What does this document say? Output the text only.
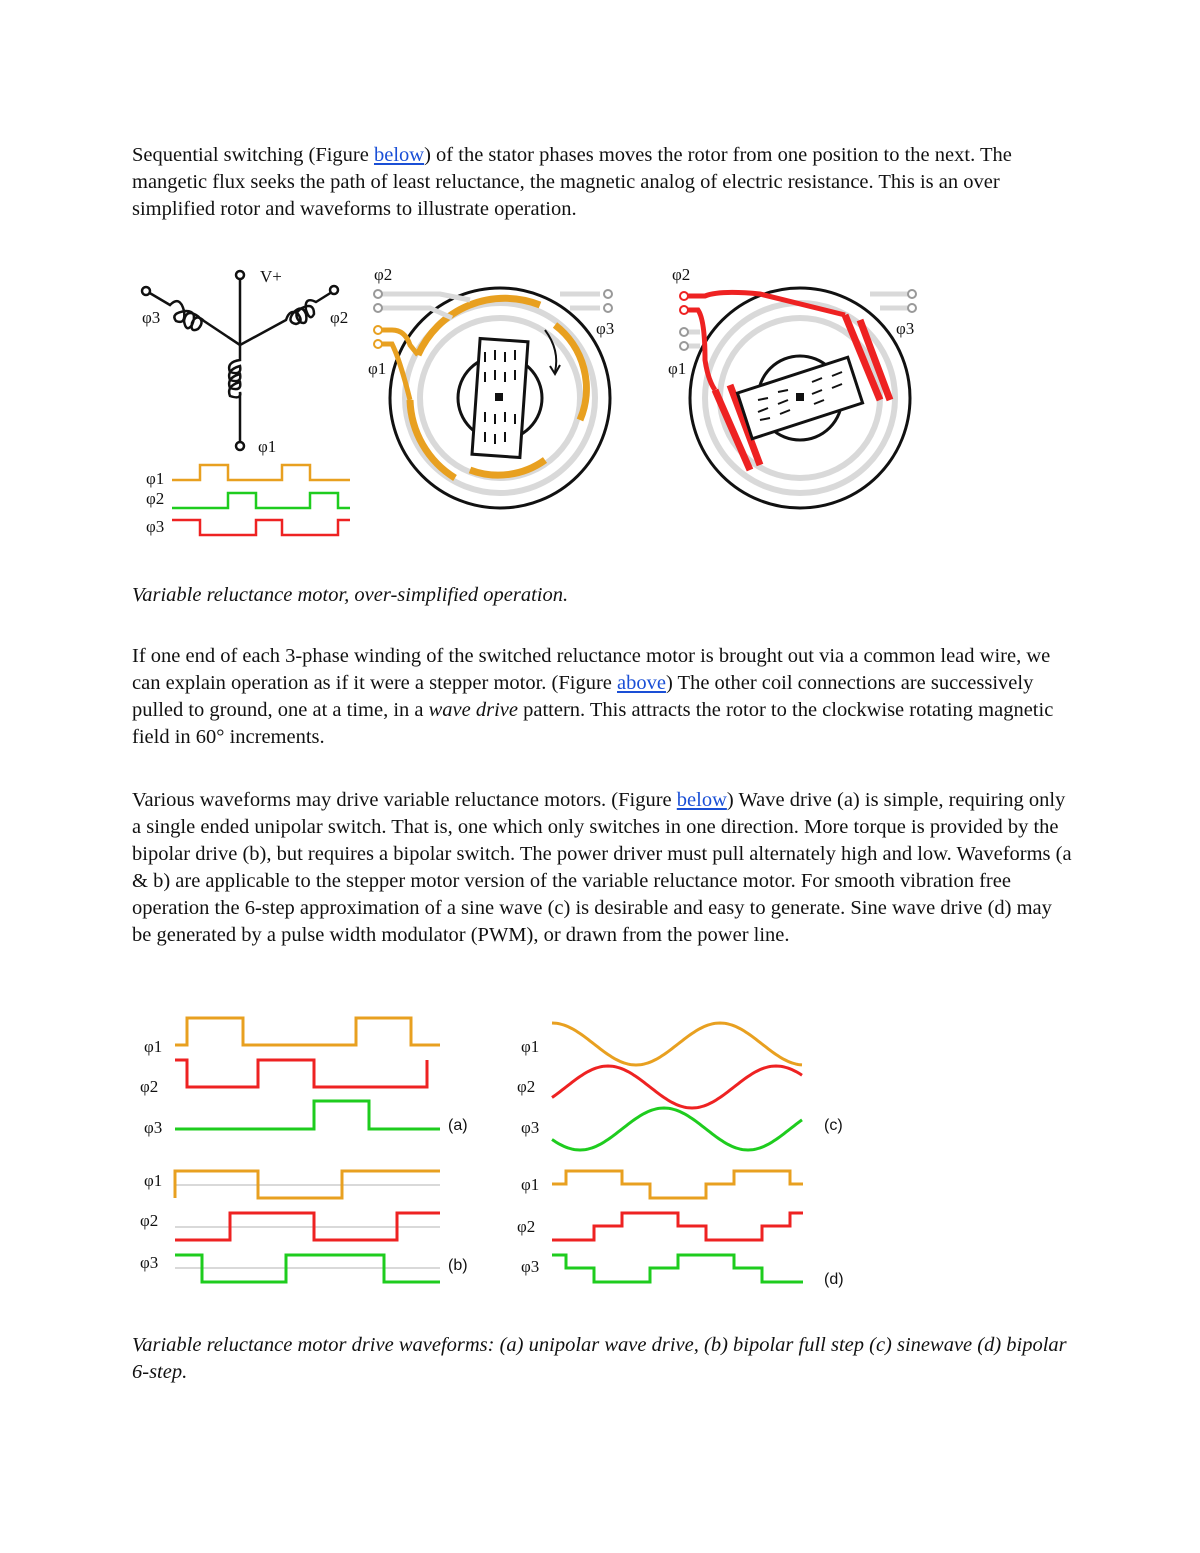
Sequential switching (Figure below) of the stator phases moves the rotor from one position to the next. The mangetic flux seeks the path of least reluctance, the magnetic analog of electric resistance. This is an over simplified rotor and waveforms to illustrate operation.

V+
φ3	φ2
φ1
φ1
φ2
φ3
φ2
φ3
φ1
φ2
φ3
φ1

Variable reluctance motor, over-simplified operation.

If one end of each 3-phase winding of the switched reluctance motor is brought out via a common lead wire, we can explain operation as if it were a stepper motor. (Figure above) The other coil connections are successively pulled to ground, one at a time, in a wave drive pattern. This attracts the rotor to the clockwise rotating magnetic field in 60° increments.

Various waveforms may drive variable reluctance motors. (Figure below) Wave drive (a) is simple, requiring only a single ended unipolar switch. That is, one which only switches in one direction. More torque is provided by the bipolar drive (b), but requires a bipolar switch. The power driver must pull alternately high and low. Waveforms (a & b) are applicable to the stepper motor version of the variable reluctance motor. For smooth vibration free operation the 6-step approximation of a sine wave (c) is desirable and easy to generate. Sine wave drive (d) may be generated by a pulse width modulator (PWM), or drawn from the power line.

φ1
φ2
φ3	(a)
φ1
φ2
φ3	(b)
φ1
φ2
φ3	(c)
φ1
φ2
φ3
(d)

Variable reluctance motor drive waveforms: (a) unipolar wave drive, (b) bipolar full step (c) sinewave (d) bipolar 6-step.
